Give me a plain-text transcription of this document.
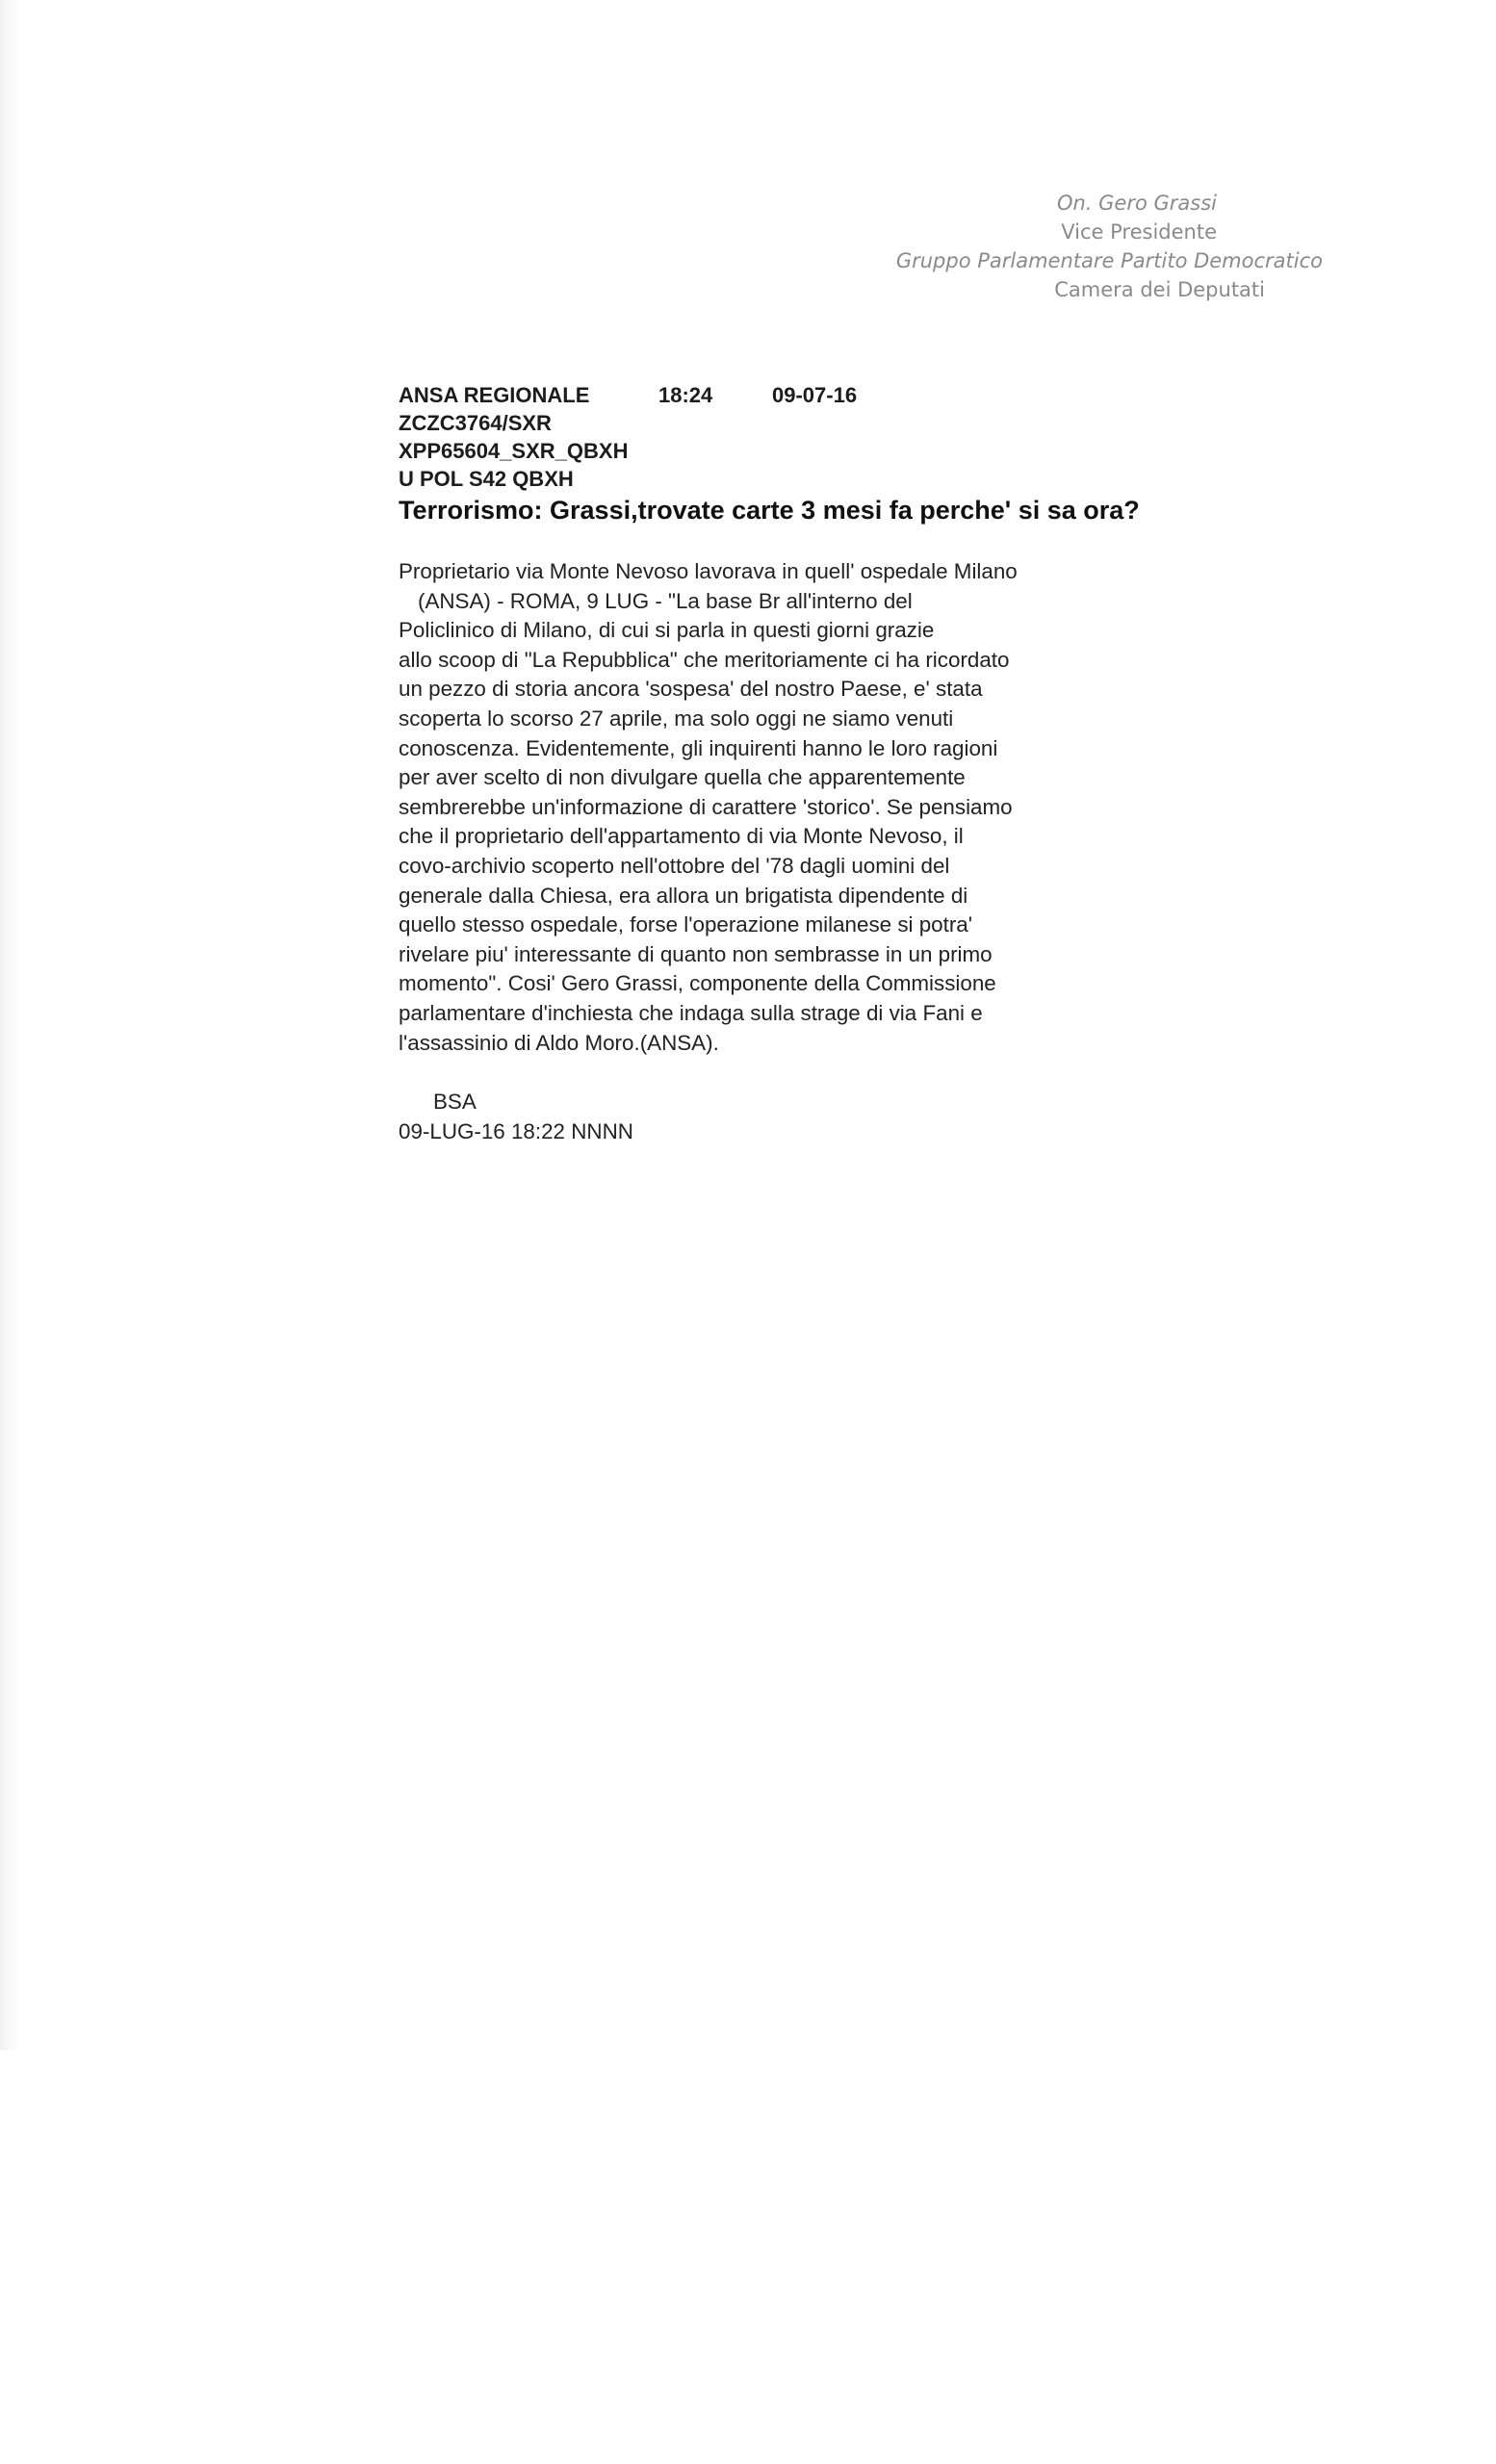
On. Gero Grassi
Vice Presidente
Gruppo Parlamentare Partito Democratico
Camera dei Deputati
ANSA REGIONALE	18:24	09-07-16
ZCZC3764/SXR
XPP65604_SXR_QBXH
U POL S42 QBXH
Terrorismo: Grassi,trovate carte 3 mesi fa perche' si sa ora?
Proprietario via Monte Nevoso lavorava in quell' ospedale Milano
(ANSA) - ROMA, 9 LUG - "La base Br all'interno del
Policlinico di Milano, di cui si parla in questi giorni grazie
allo scoop di "La Repubblica" che meritoriamente ci ha ricordato
un pezzo di storia ancora 'sospesa' del nostro Paese, e' stata
scoperta lo scorso 27 aprile, ma solo oggi ne siamo venuti
conoscenza. Evidentemente, gli inquirenti hanno le loro ragioni
per aver scelto di non divulgare quella che apparentemente
sembrerebbe un'informazione di carattere 'storico'. Se pensiamo
che il proprietario dell'appartamento di via Monte Nevoso, il
covo-archivio scoperto nell'ottobre del '78 dagli uomini del
generale dalla Chiesa, era allora un brigatista dipendente di
quello stesso ospedale, forse l'operazione milanese si potra'
rivelare piu' interessante di quanto non sembrasse in un primo
momento". Cosi' Gero Grassi, componente della Commissione
parlamentare d'inchiesta che indaga sulla strage di via Fani e
l'assassinio di Aldo Moro.(ANSA).
BSA
09-LUG-16 18:22 NNNN
